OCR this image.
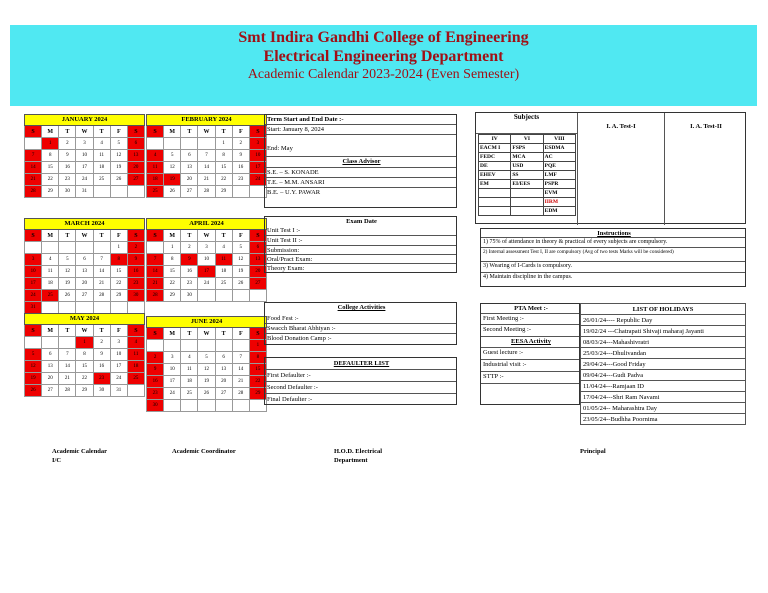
Smt Indira Gandhi College of Engineering
Electrical Engineering Department
Academic Calendar 2023-2024 (Even Semester)
JANUARY 2024						
S	M	T	W	T	F	S
	1	2	3	4	5	6
7	8	9	10	11	12	13
14	15	16	17	18	19	20
21	22	23	24	25	26	27
28	29	30	31			
FEBRUARY 2024						
S	M	T	W	T	F	S
				1	2	3
4	5	6	7	8	9	10
11	12	13	14	15	16	17
18	19	20	21	22	23	24
25	26	27	28	29		
MARCH 2024						
S	M	T	W	T	F	S
					1	2
3	4	5	6	7	8	9
10	11	12	13	14	15	16
17	18	19	20	21	22	23
24	25	26	27	28	29	30
31						
APRIL 2024						
S	M	T	W	T	F	S
	1	2	3	4	5	6
7	8	9	10	11	12	13
14	15	16	17	18	19	20
21	22	23	24	25	26	27
28	29	30				
MAY 2024						
S	M	T	W	T	F	S
			1	2	3	4
5	6	7	8	9	10	11
12	13	14	15	16	17	18
19	20	21	22	23	24	25
26	27	28	29	30	31	
JUNE 2024						
S	M	T	W	T	F	S
						1
2	3	4	5	6	7	8
9	10	11	12	13	14	15
16	17	18	19	20	21	22
23	24	25	26	27	28	29
30						
Term Start and End Date :-
Start: January 8, 2024
End: May
Class Advisor
S.E. – S. KONADE
T.E. – M.M. ANSARI
B.E. – U.Y. PAWAR
Exam Date
Unit Test I :-
Unit Test II :-
Submission:
Oral/Pract Exam:
Theory Exam:
Subjects
I. A. Test-I	I. A. Test-II
IV	VI	VIII
EACM I	FSPS	ESDMA
FEDC	MCA	AC
DE	USD	PQE
EHEV	SS	LMF
EM	EI/EES	PSPR
		EVM
		IIRM
		EDM
Instructions
1) 75% of attendance in theory & practical of every subjects are compulsory.
2) Internal assessment Test I, II are compulsory (Avg of two tests Marks will be considered)
3) Wearing of I-Cards is compulsory.
4) Maintain discipline in the campus.
College Activities
Food Fest :-
Swacch Bharat Abhiyan :-
Blood Donation Camp :-
DEFAULTER LIST
First Defaulter :-
Second Defaulter :-
Final Defaulter :-
PTA Meet :-
First Meeting :-
Second Meeting :-
EESA Activity
Guest lecture :-
Industrial visit :-
STTP :-
LIST OF HOLIDAYS
26/01/24---- Republic Day
19/02/24 ---Chatrapati Shivaji maharaj Jayanti
08/03/24---Mahashivratri
25/03/24---Dhulivandan
29/04/24---Good Friday
09/04/24---Gudi Padva
11/04/24---Ramjaan ID
17/04/24---Shri Ram Navami
01/05/24-- Maharashtra Day
23/05/24--Budhha Poornima
Academic Calendar
I/C
Academic Coordinator	H.O.D. Electrical
Department
Principal
